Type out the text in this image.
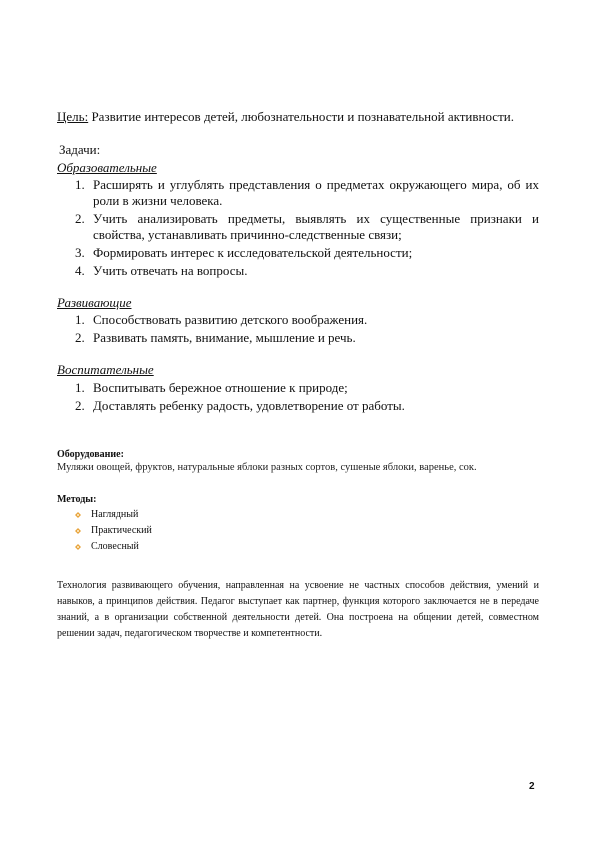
Цель: Развитие интересов детей, любознательности и познавательной активности.
Задачи:
Образовательные
1. Расширять и углублять представления о предметах окружающего мира, об их роли в жизни человека.
2. Учить анализировать предметы, выявлять их существенные признаки и свойства, устанавливать причинно-следственные связи;
3. Формировать интерес к исследовательской деятельности;
4. Учить отвечать на вопросы.
Развивающие
1. Способствовать развитию детского воображения.
2. Развивать память, внимание, мышление и речь.
Воспитательные
1. Воспитывать бережное отношение к природе;
2. Доставлять ребенку радость, удовлетворение от работы.
Оборудование:
Муляжи овощей, фруктов, натуральные яблоки разных сортов, сушеные яблоки, варенье, сок.
Методы:
Наглядный
Практический
Словесный
Технология развивающего обучения, направленная на усвоение не частных способов действия, умений и навыков, а принципов действия. Педагог выступает как партнер, функция которого заключается не в передаче знаний, а в организации собственной деятельности детей. Она построена на общении детей, совместном решении задач, педагогическом творчестве и компетентности.
2
